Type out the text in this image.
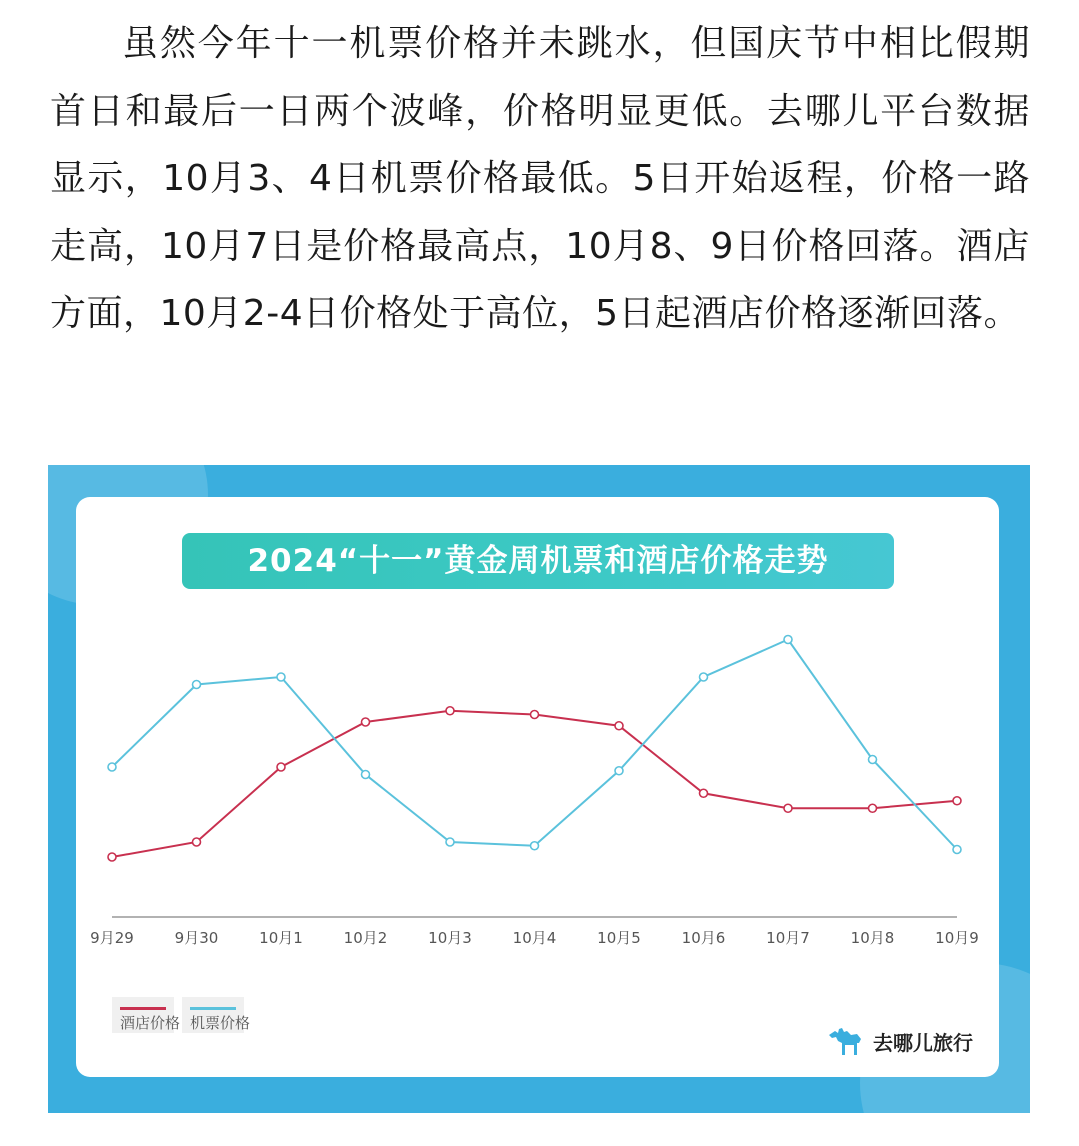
虽然今年十一机票价格并未跳水，但国庆节中相比假期首日和最后一日两个波峰，价格明显更低。去哪儿平台数据显示，10月3、4日机票价格最低。5日开始返程，价格一路走高，10月7日是价格最高点，10月8、9日价格回落。酒店方面，10月2-4日价格处于高位，5日起酒店价格逐渐回落。

2024“十一”黄金周机票和酒店价格走势
9月29	9月30	10月1	10月2	10月3	10月4	10月5	10月6	10月7	10月8	10月9
酒店价格 机票价格
去哪儿旅行
